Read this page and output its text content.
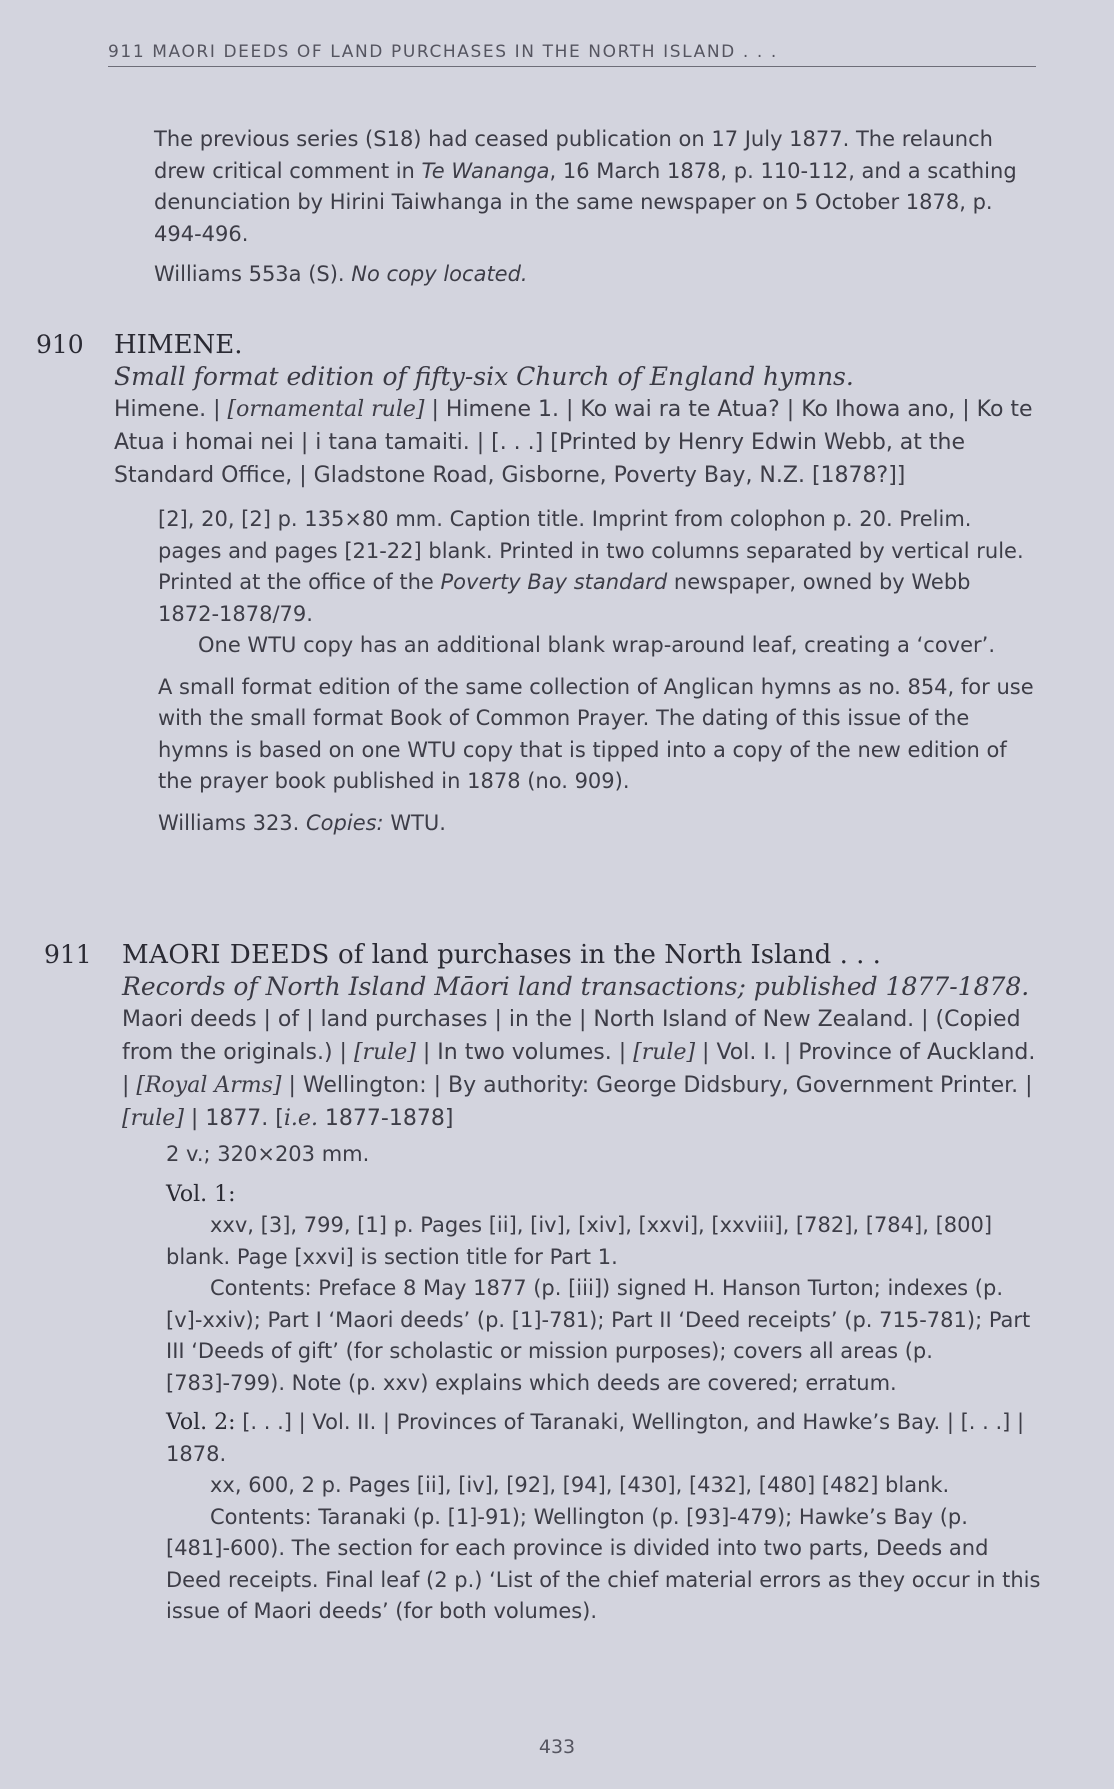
911 MAORI DEEDS OF LAND PURCHASES IN THE NORTH ISLAND . . .

The previous series (S18) had ceased publication on 17 July 1877. The relaunch drew critical comment in Te Wananga, 16 March 1878, p. 110-112, and a scathing denunciation by Hirini Taiwhanga in the same newspaper on 5 October 1878, p. 494-496.

Williams 553a (S). No copy located.

910	HIMENE.
Small format edition of fifty-six Church of England hymns.
Himene. | [ornamental rule] | Himene 1. | Ko wai ra te Atua? | Ko Ihowa ano, | Ko te Atua i homai nei | i tana tamaiti. | [. . .] [Printed by Henry Edwin Webb, at the Standard Office, | Gladstone Road, Gisborne, Poverty Bay, N.Z. [1878?]]

[2], 20, [2] p. 135×80 mm. Caption title. Imprint from colophon p. 20. Prelim. pages and pages [21-22] blank. Printed in two columns separated by vertical rule. Printed at the office of the Poverty Bay standard newspaper, owned by Webb 1872-1878/79.

One WTU copy has an additional blank wrap-around leaf, creating a ‘cover’.

A small format edition of the same collection of Anglican hymns as no. 854, for use with the small format Book of Common Prayer. The dating of this issue of the hymns is based on one WTU copy that is tipped into a copy of the new edition of the prayer book published in 1878 (no. 909).

Williams 323. Copies: WTU.

911	MAORI DEEDS of land purchases in the North Island . . .
Records of North Island Māori land transactions; published 1877-1878.
Maori deeds | of | land purchases | in the | North Island of New Zealand. | (Copied from the originals.) | [rule] | In two volumes. | [rule] | Vol. I. | Province of Auckland. | [Royal Arms] | Wellington: | By authority: George Didsbury, Government Printer. | [rule] | 1877. [i.e. 1877-1878]
2 v.; 320×203 mm.
Vol. 1:

xxv, [3], 799, [1] p. Pages [ii], [iv], [xiv], [xxvi], [xxviii], [782], [784], [800] blank. Page [xxvi] is section title for Part 1.

Contents: Preface 8 May 1877 (p. [iii]) signed H. Hanson Turton; indexes (p. [v]-xxiv); Part I ‘Maori deeds’ (p. [1]-781); Part II ‘Deed receipts’ (p. 715-781); Part III ‘Deeds of gift’ (for scholastic or mission purposes); covers all areas (p. [783]-799). Note (p. xxv) explains which deeds are covered; erratum.

Vol. 2: [. . .] | Vol. II. | Provinces of Taranaki, Wellington, and Hawke’s Bay. | [. . .] | 1878.

xx, 600, 2 p. Pages [ii], [iv], [92], [94], [430], [432], [480] [482] blank.

Contents: Taranaki (p. [1]-91); Wellington (p. [93]-479); Hawke’s Bay (p. [481]-600). The section for each province is divided into two parts, Deeds and Deed receipts. Final leaf (2 p.) ‘List of the chief material errors as they occur in this issue of Maori deeds’ (for both volumes).

433
